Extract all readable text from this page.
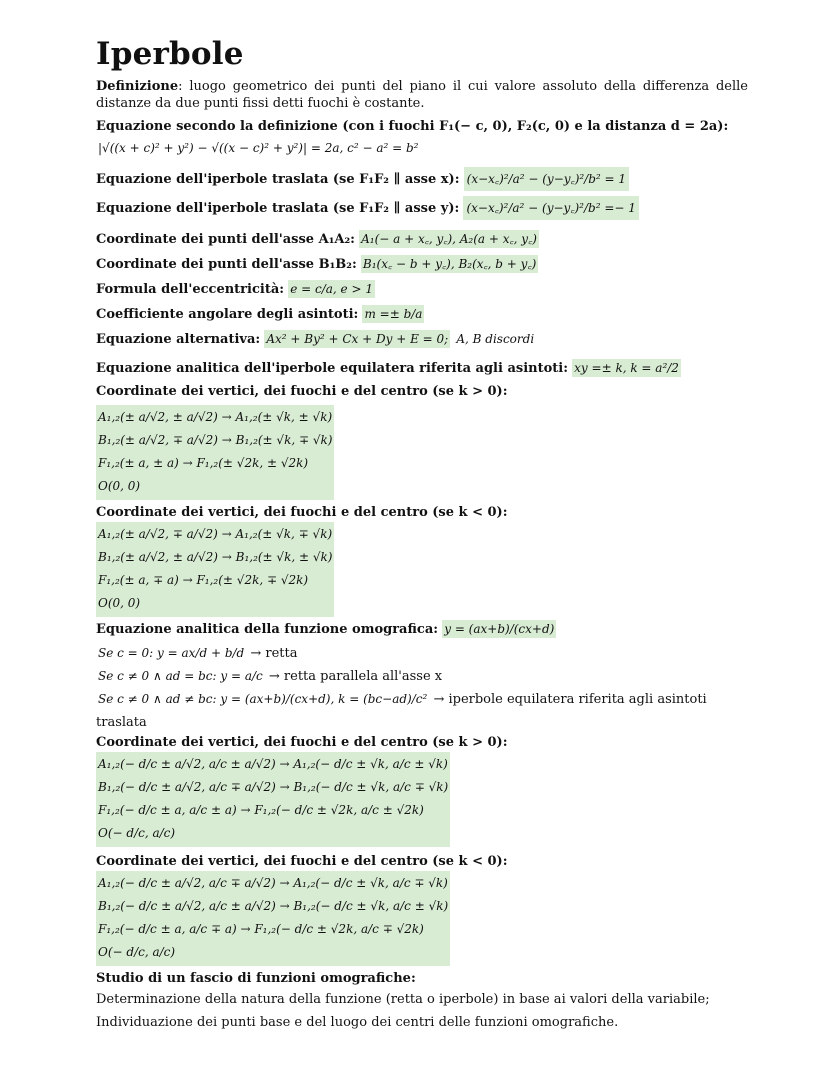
Iperbole

Definizione: luogo geometrico dei punti del piano il cui valore assoluto della differenza delle distanze da due punti fissi detti fuochi è costante.

Equazione secondo la definizione (con i fuochi F₁(− c, 0), F₂(c, 0) e la distanza d = 2a):

|√((x + c)² + y²) − √((x − c)² + y²)| = 2a, c² − a² = b²
Equazione dell'iperbole traslata (se F₁F₂ ∥ asse x): (x−x꜀)²/a² − (y−y꜀)²/b² = 1
Equazione dell'iperbole traslata (se F₁F₂ ∥ asse y): (x−x꜀)²/a² − (y−y꜀)²/b² =− 1
Coordinate dei punti dell'asse A₁A₂: A₁(− a + x꜀, y꜀), A₂(a + x꜀, y꜀)
Coordinate dei punti dell'asse B₁B₂: B₁(x꜀ − b + y꜀), B₂(x꜀, b + y꜀)
Formula dell'eccentricità: e = c/a, e > 1
Coefficiente angolare degli asintoti: m =± b/a
Equazione alternativa: Ax² + By² + Cx + Dy + E = 0; A, B discordi
Equazione analitica dell'iperbole equilatera riferita agli asintoti: xy =± k, k = a²/2

Coordinate dei vertici, dei fuochi e del centro (se k > 0):

A₁,₂(± a/√2, ± a/√2) → A₁,₂(± √k, ± √k)
B₁,₂(± a/√2, ∓ a/√2) → B₁,₂(± √k, ∓ √k)
F₁,₂(± a, ± a) → F₁,₂(± √2k, ± √2k)
O(0, 0)

Coordinate dei vertici, dei fuochi e del centro (se k < 0):

A₁,₂(± a/√2, ∓ a/√2) → A₁,₂(± √k, ∓ √k)
B₁,₂(± a/√2, ± a/√2) → B₁,₂(± √k, ± √k)
F₁,₂(± a, ∓ a) → F₁,₂(± √2k, ∓ √2k)
O(0, 0)
Equazione analitica della funzione omografica: y = (ax+b)/(cx+d)
Se c = 0: y = ax/d + b/d → retta
Se c ≠ 0 ∧ ad = bc: y = a/c → retta parallela all'asse x
Se c ≠ 0 ∧ ad ≠ bc: y = (ax+b)/(cx+d), k = (bc−ad)/c² → iperbole equilatera riferita agli asintoti traslata

Coordinate dei vertici, dei fuochi e del centro (se k > 0):

A₁,₂(− d/c ± a/√2, a/c ± a/√2) → A₁,₂(− d/c ± √k, a/c ± √k)
B₁,₂(− d/c ± a/√2, a/c ∓ a/√2) → B₁,₂(− d/c ± √k, a/c ∓ √k)
F₁,₂(− d/c ± a, a/c ± a) → F₁,₂(− d/c ± √2k, a/c ± √2k)
O(− d/c, a/c)

Coordinate dei vertici, dei fuochi e del centro (se k < 0):

A₁,₂(− d/c ± a/√2, a/c ∓ a/√2) → A₁,₂(− d/c ± √k, a/c ∓ √k)
B₁,₂(− d/c ± a/√2, a/c ± a/√2) → B₁,₂(− d/c ± √k, a/c ± √k)
F₁,₂(− d/c ± a, a/c ∓ a) → F₁,₂(− d/c ± √2k, a/c ∓ √2k)
O(− d/c, a/c)

Studio di un fascio di funzioni omografiche:

Determinazione della natura della funzione (retta o iperbole) in base ai valori della variabile;
Individuazione dei punti base e del luogo dei centri delle funzioni omografiche.
